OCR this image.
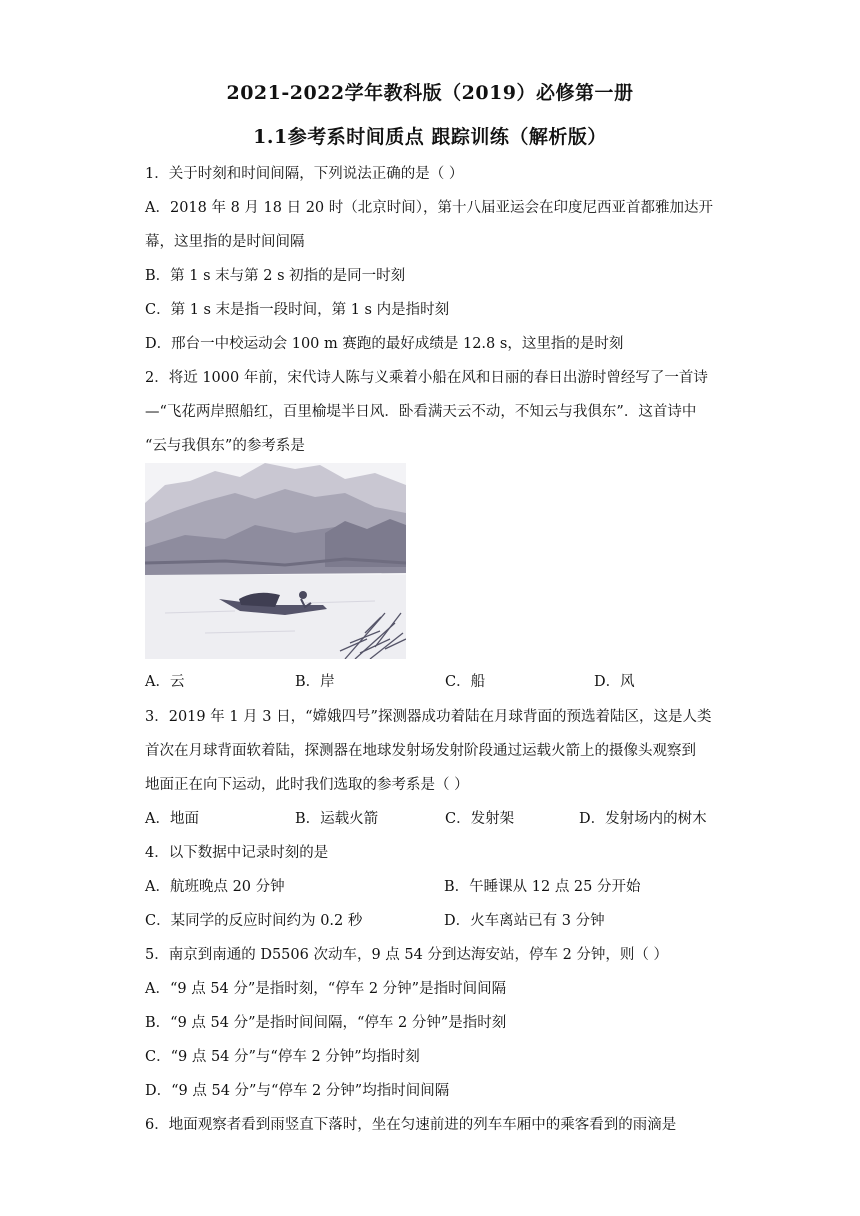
2021-2022学年教科版（2019）必修第一册
1.1参考系时间质点 跟踪训练（解析版）
1．关于时刻和时间间隔，下列说法正确的是（ ）
A．2018 年 8 月 18 日 20 时（北京时间），第十八届亚运会在印度尼西亚首都雅加达开
幕，这里指的是时间间隔
B．第 1 s 末与第 2 s 初指的是同一时刻
C．第 1 s 末是指一段时间，第 1 s 内是指时刻
D．邢台一中校运动会 100 m 赛跑的最好成绩是 12.8 s，这里指的是时刻
2．将近 1000 年前，宋代诗人陈与义乘着小船在风和日丽的春日出游时曾经写了一首诗
—“飞花两岸照船红，百里榆堤半日风．卧看满天云不动，不知云与我俱东”．这首诗中
“云与我俱东”的参考系是
A．云	B．岸	C．船	D．风
3．2019 年 1 月 3 日，“嫦娥四号”探测器成功着陆在月球背面的预选着陆区，这是人类
首次在月球背面软着陆，探测器在地球发射场发射阶段通过运载火箭上的摄像头观察到
地面正在向下运动，此时我们选取的参考系是（ ）
A．地面	B．运载火箭	C．发射架	D．发射场内的树木
4．以下数据中记录时刻的是
A．航班晚点 20 分钟	B．午睡课从 12 点 25 分开始
C．某同学的反应时间约为 0.2 秒	D．火车离站已有 3 分钟
5．南京到南通的 D5506 次动车，9 点 54 分到达海安站，停车 2 分钟，则（ ）
A．“9 点 54 分”是指时刻，“停车 2 分钟”是指时间间隔
B．“9 点 54 分”是指时间间隔，“停车 2 分钟”是指时刻
C．“9 点 54 分”与“停车 2 分钟”均指时刻
D．“9 点 54 分”与“停车 2 分钟”均指时间间隔
6．地面观察者看到雨竖直下落时，坐在匀速前进的列车车厢中的乘客看到的雨滴是
